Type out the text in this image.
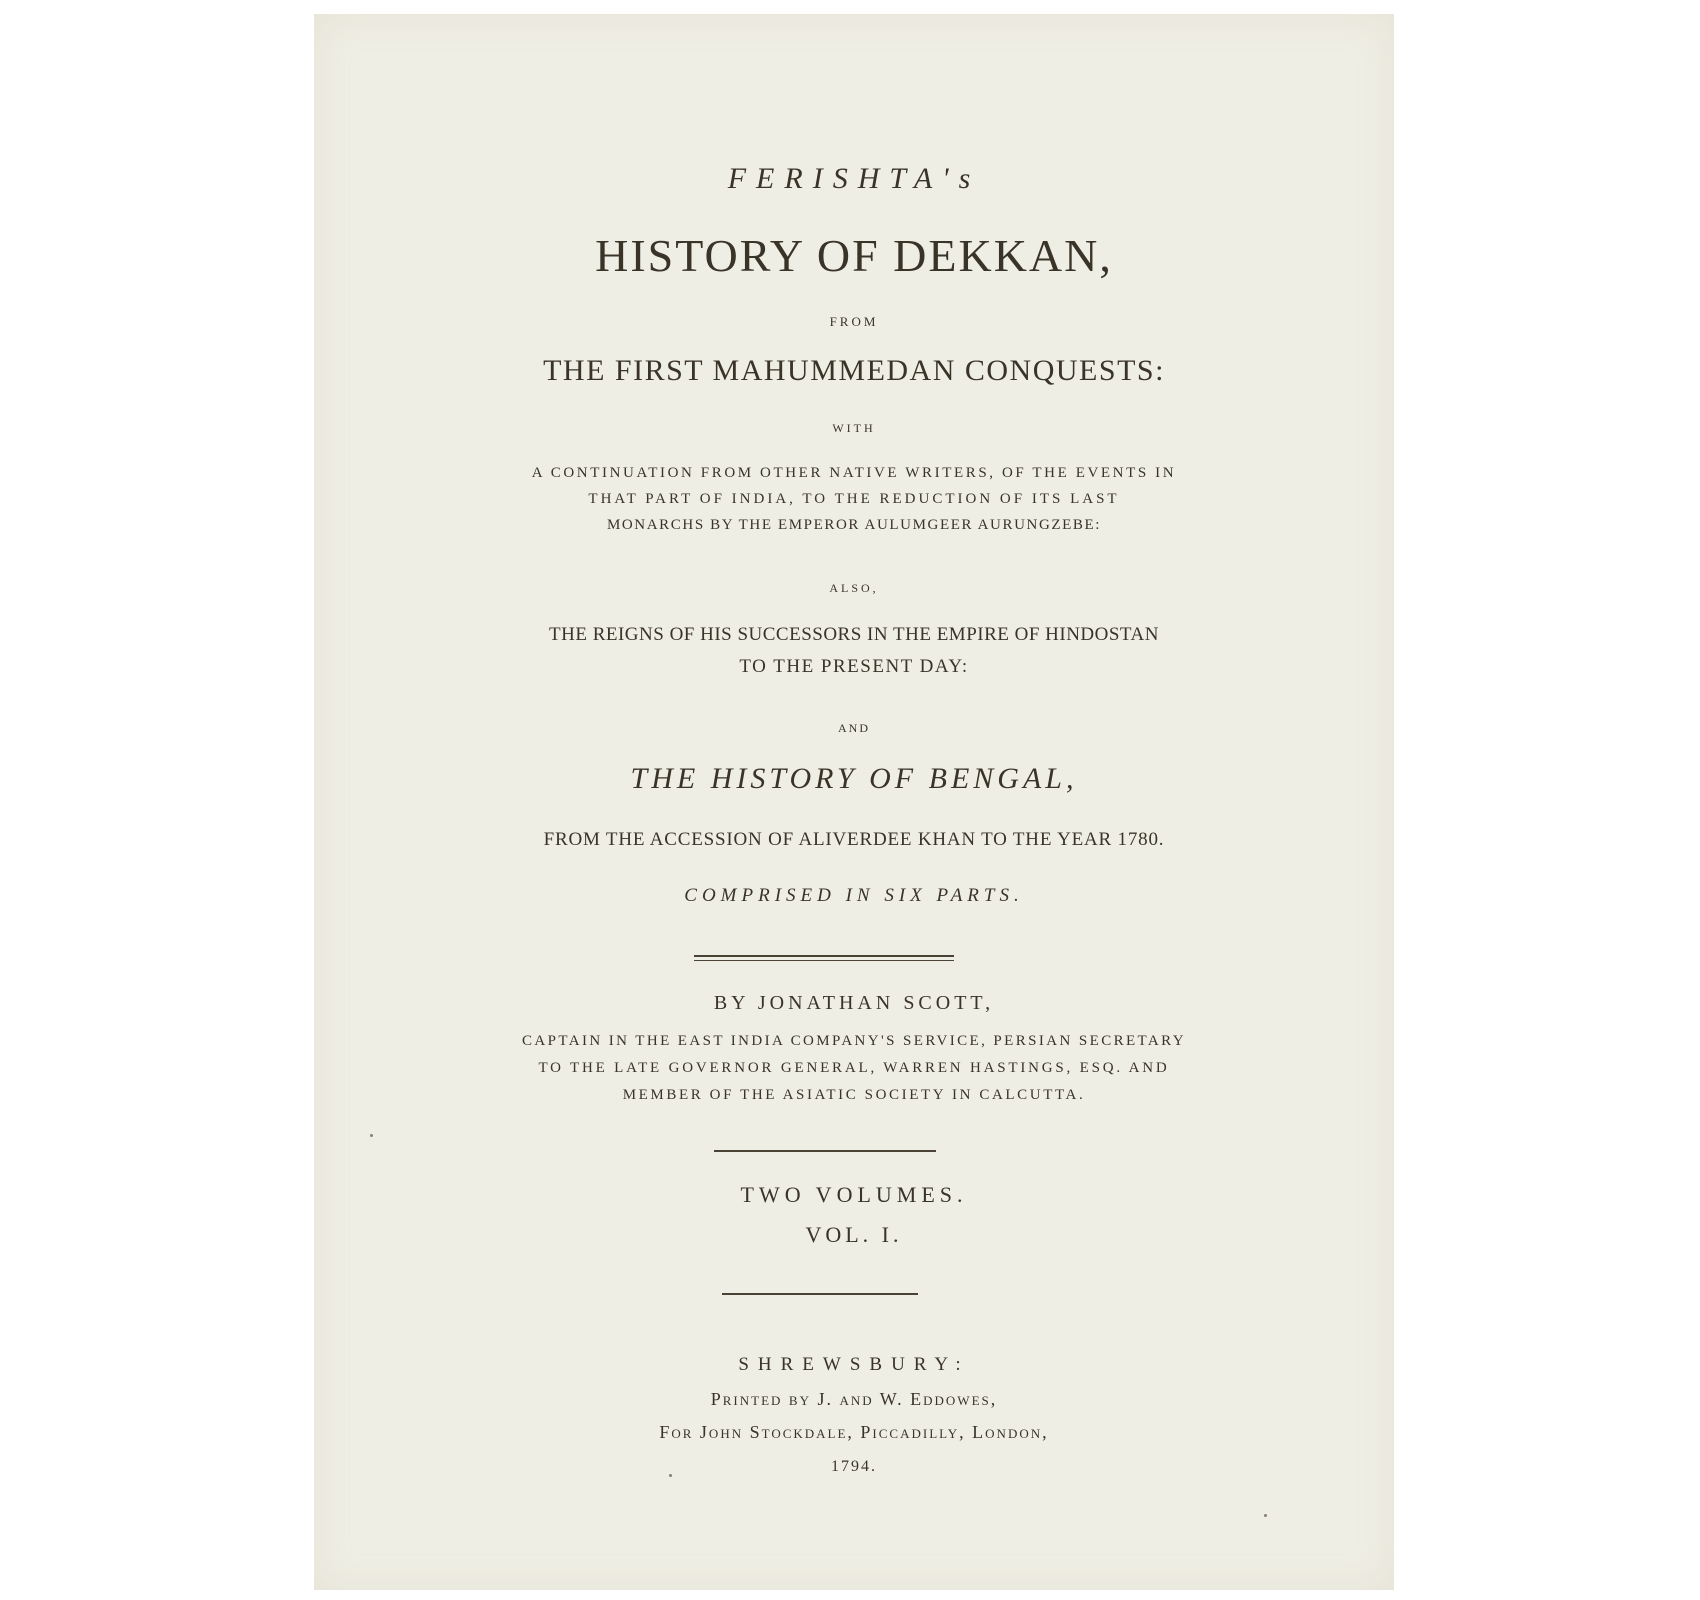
FERISHTA's
HISTORY OF DEKKAN,
FROM
THE FIRST MAHUMMEDAN CONQUESTS:
WITH
A CONTINUATION FROM OTHER NATIVE WRITERS, OF THE EVENTS IN
THAT PART OF INDIA, TO THE REDUCTION OF ITS LAST
MONARCHS BY THE EMPEROR AULUMGEER AURUNGZEBE:
ALSO,
THE REIGNS OF HIS SUCCESSORS IN THE EMPIRE OF HINDOSTAN
TO THE PRESENT DAY:
AND
THE HISTORY OF BENGAL,
FROM THE ACCESSION OF ALIVERDEE KHAN TO THE YEAR 1780.
COMPRISED IN SIX PARTS.
BY JONATHAN SCOTT,
CAPTAIN IN THE EAST INDIA COMPANY'S SERVICE, PERSIAN SECRETARY
TO THE LATE GOVERNOR GENERAL, WARREN HASTINGS, ESQ. AND
MEMBER OF THE ASIATIC SOCIETY IN CALCUTTA.
TWO VOLUMES.
VOL. I.
SHREWSBURY:
Printed by J. and W. Eddowes,
For John Stockdale, Piccadilly, London,
1794.
